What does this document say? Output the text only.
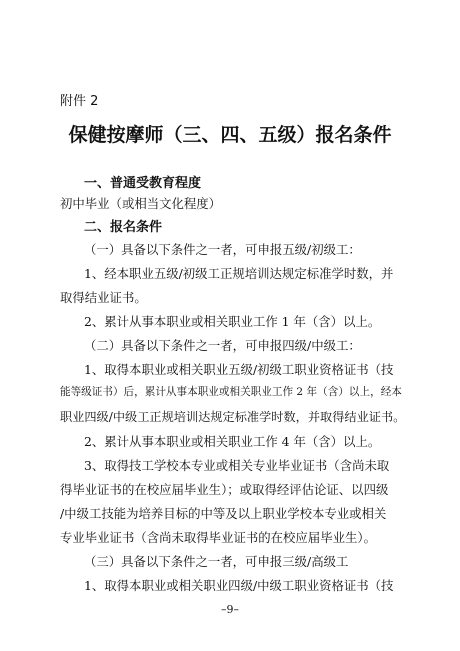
附件 2
保健按摩师（三、四、五级）报名条件
一、普通受教育程度
初中毕业（或相当文化程度）
二、报名条件
（一）具备以下条件之一者，可申报五级/初级工：
1、经本职业五级/初级工正规培训达规定标准学时数，并
取得结业证书。
2、累计从事本职业或相关职业工作 1 年（含）以上。
（二）具备以下条件之一者，可申报四级/中级工：
1、取得本职业或相关职业五级/初级工职业资格证书（技
能等级证书）后，累计从事本职业或相关职业工作 2 年（含）以上，经本
职业四级/中级工正规培训达规定标准学时数，并取得结业证书。
2、累计从事本职业或相关职业工作 4 年（含）以上。
3、取得技工学校本专业或相关专业毕业证书（含尚未取
得毕业证书的在校应届毕业生）；或取得经评估论证、以四级
/中级工技能为培养目标的中等及以上职业学校本专业或相关
专业毕业证书（含尚未取得毕业证书的在校应届毕业生）。
（三）具备以下条件之一者，可申报三级/高级工
1、取得本职业或相关职业四级/中级工职业资格证书（技
–9–
